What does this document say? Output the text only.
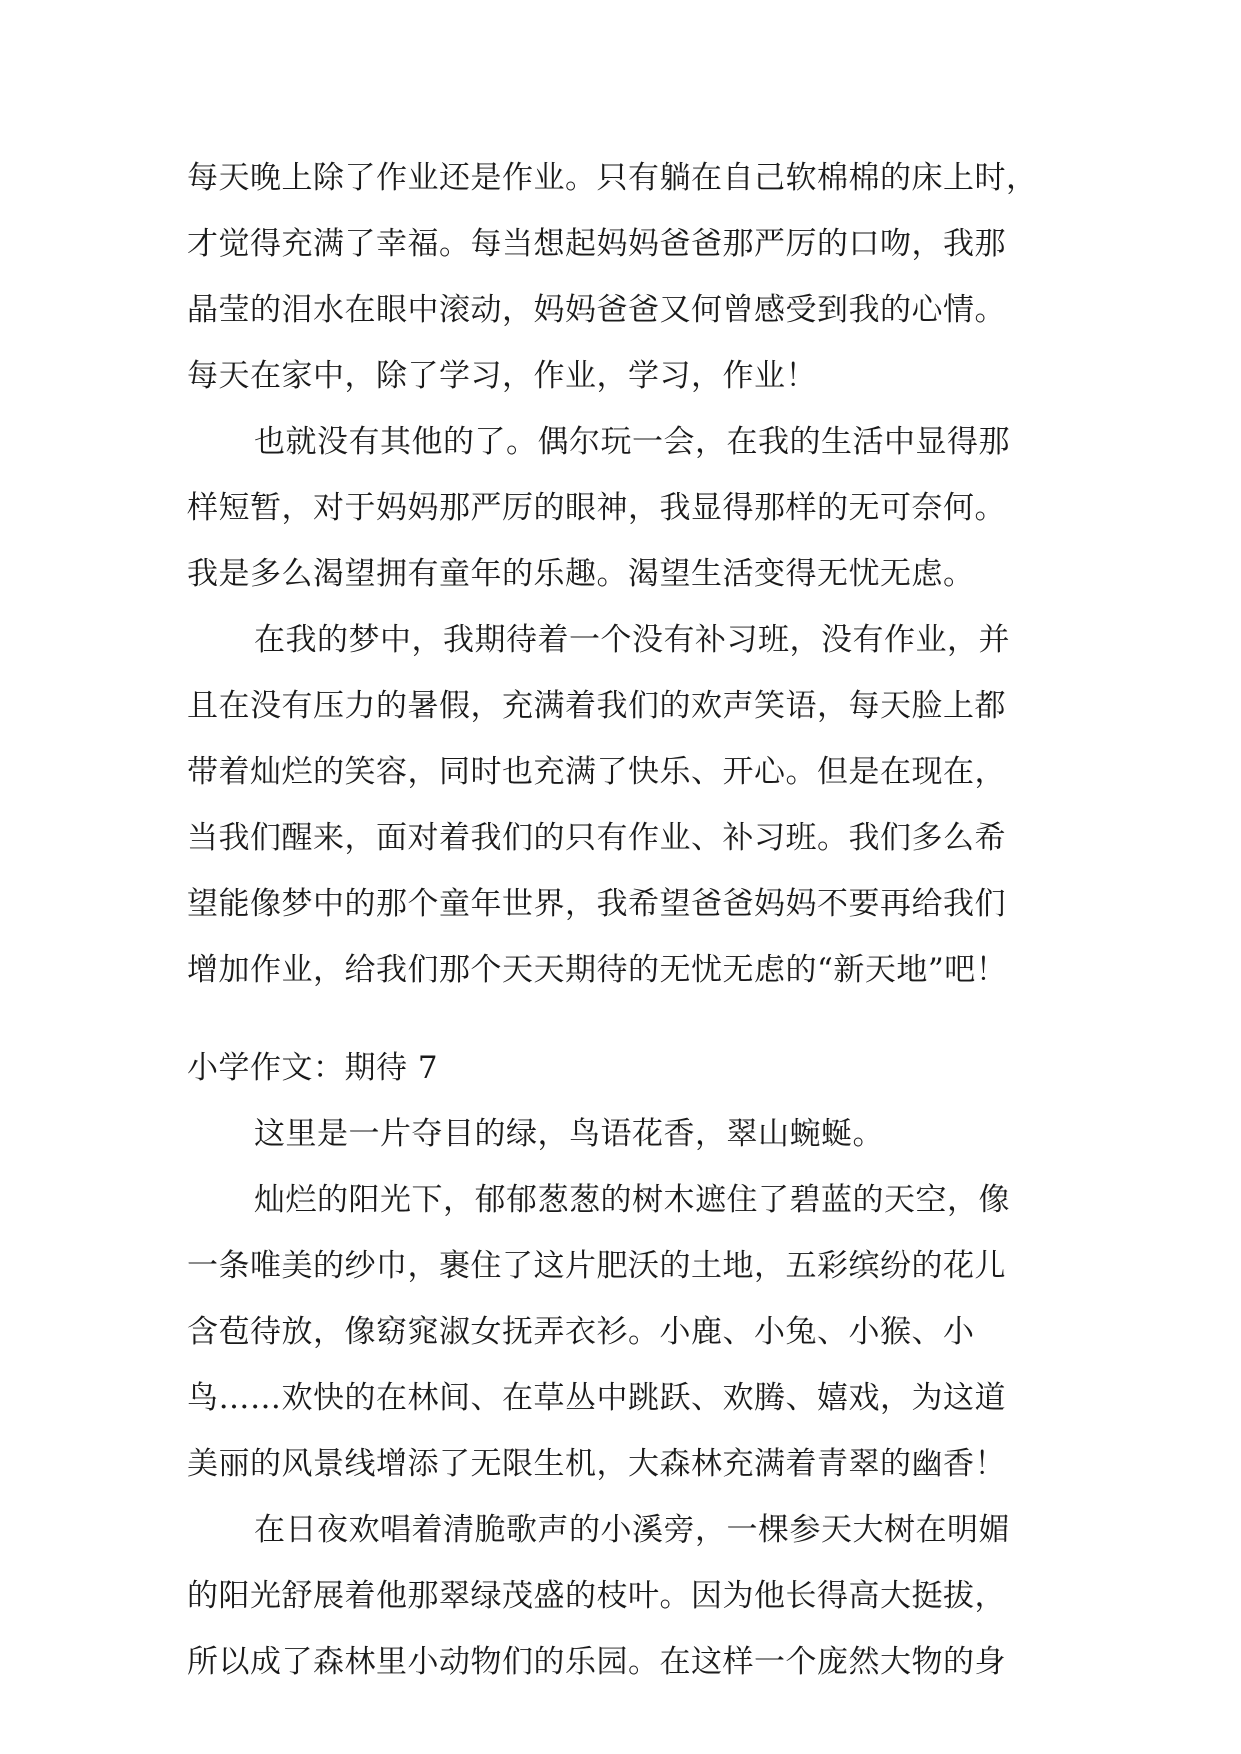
每天晚上除了作业还是作业。只有躺在自己软棉棉的床上时，
才觉得充满了幸福。每当想起妈妈爸爸那严厉的口吻，我那
晶莹的泪水在眼中滚动，妈妈爸爸又何曾感受到我的心情。
每天在家中，除了学习，作业，学习，作业！
也就没有其他的了。偶尔玩一会，在我的生活中显得那
样短暂，对于妈妈那严厉的眼神，我显得那样的无可奈何。
我是多么渴望拥有童年的乐趣。渴望生活变得无忧无虑。
在我的梦中，我期待着一个没有补习班，没有作业，并
且在没有压力的暑假，充满着我们的欢声笑语，每天脸上都
带着灿烂的笑容，同时也充满了快乐、开心。但是在现在，
当我们醒来，面对着我们的只有作业、补习班。我们多么希
望能像梦中的那个童年世界，我希望爸爸妈妈不要再给我们
增加作业，给我们那个天天期待的无忧无虑的“新天地”吧！
小学作文：期待 7
这里是一片夺目的绿，鸟语花香，翠山蜿蜒。
灿烂的阳光下，郁郁葱葱的树木遮住了碧蓝的天空，像
一条唯美的纱巾，裹住了这片肥沃的土地，五彩缤纷的花儿
含苞待放，像窈窕淑女抚弄衣衫。小鹿、小兔、小猴、小
鸟……欢快的在林间、在草丛中跳跃、欢腾、嬉戏，为这道
美丽的风景线增添了无限生机，大森林充满着青翠的幽香！
在日夜欢唱着清脆歌声的小溪旁，一棵参天大树在明媚
的阳光舒展着他那翠绿茂盛的枝叶。因为他长得高大挺拔，
所以成了森林里小动物们的乐园。在这样一个庞然大物的身
